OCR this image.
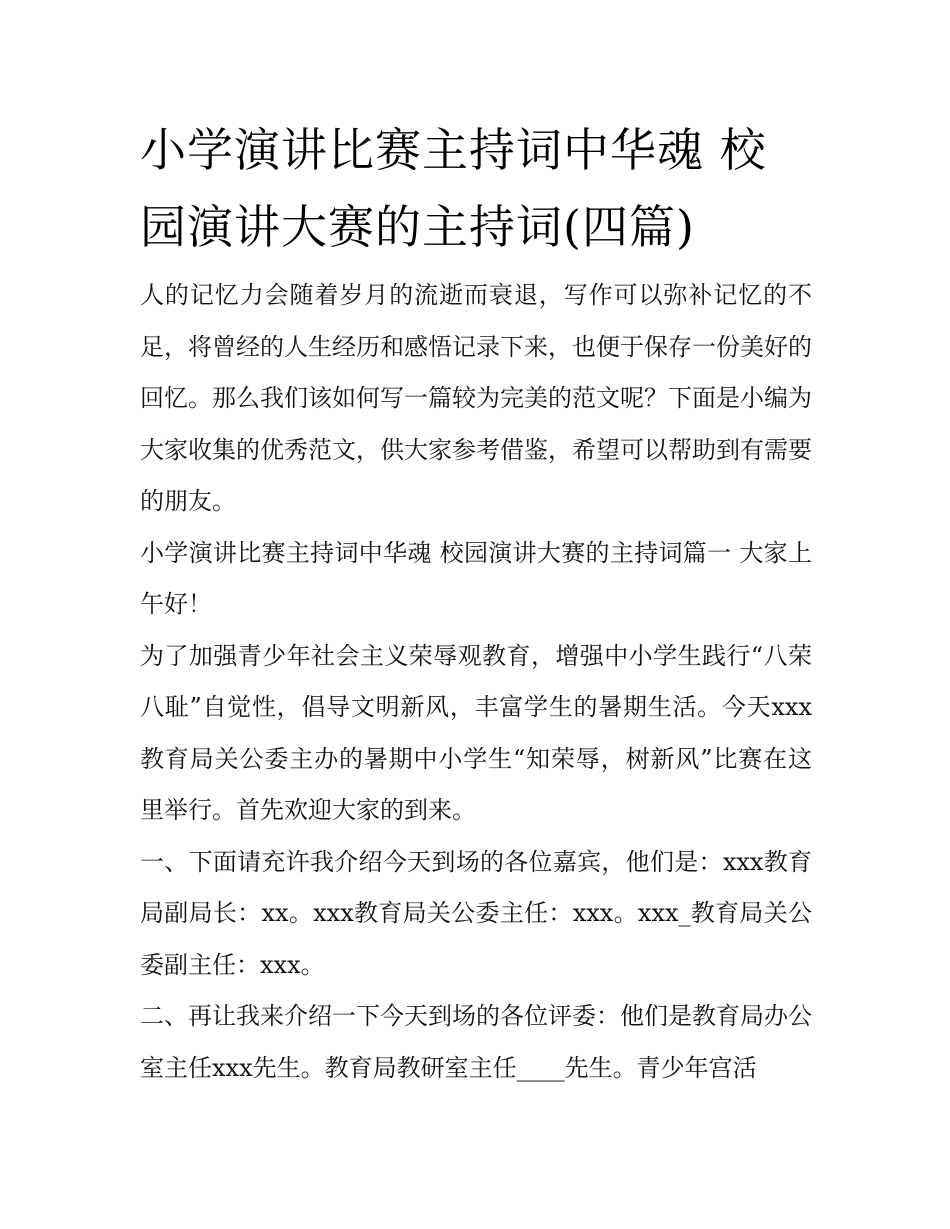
小学演讲比赛主持词中华魂 校园演讲大赛的主持词(四篇)

人的记忆力会随着岁月的流逝而衰退，写作可以弥补记忆的不足，将曾经的人生经历和感悟记录下来，也便于保存一份美好的回忆。那么我们该如何写一篇较为完美的范文呢？下面是小编为大家收集的优秀范文，供大家参考借鉴，希望可以帮助到有需要的朋友。

小学演讲比赛主持词中华魂 校园演讲大赛的主持词篇一 大家上午好！

为了加强青少年社会主义荣辱观教育，增强中小学生践行“八荣八耻”自觉性，倡导文明新风，丰富学生的暑期生活。今天xxx教育局关公委主办的暑期中小学生“知荣辱，树新风”比赛在这里举行。首先欢迎大家的到来。

一、下面请充许我介绍今天到场的各位嘉宾，他们是：xxx教育局副局长：xx。xxx教育局关公委主任：xxx。xxx_教育局关公委副主任：xxx。

二、再让我来介绍一下今天到场的各位评委：他们是教育局办公室主任xxx先生。教育局教研室主任____先生。青少年宫活
